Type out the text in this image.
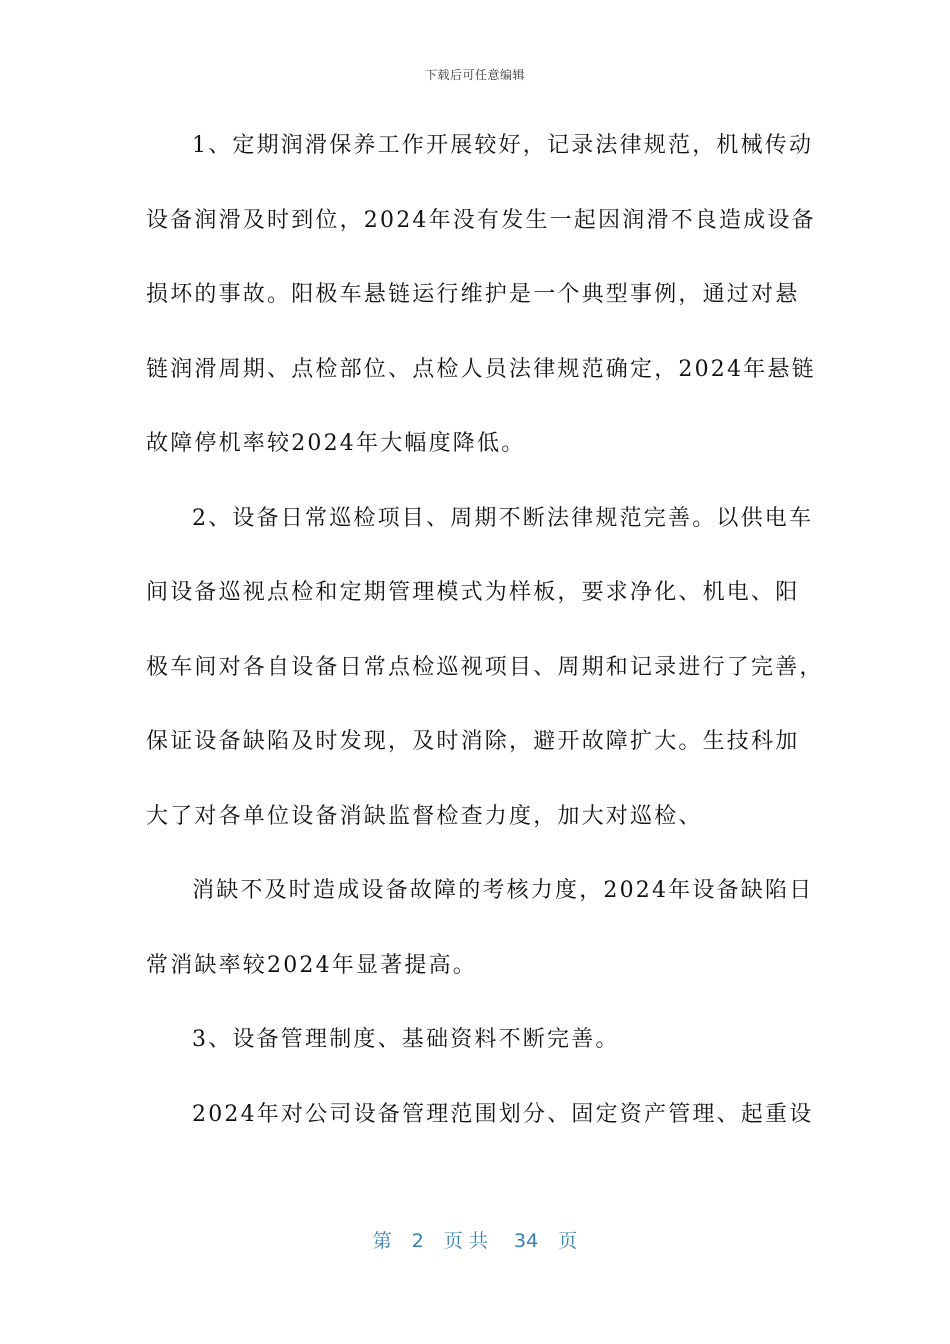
下载后可任意编辑
1、定期润滑保养工作开展较好，记录法律规范，机械传动
设备润滑及时到位，2024年没有发生一起因润滑不良造成设备
损坏的事故。阳极车悬链运行维护是一个典型事例，通过对悬
链润滑周期、点检部位、点检人员法律规范确定，2024年悬链
故障停机率较2024年大幅度降低。
2、设备日常巡检项目、周期不断法律规范完善。以供电车
间设备巡视点检和定期管理模式为样板，要求净化、机电、阳
极车间对各自设备日常点检巡视项目、周期和记录进行了完善，
保证设备缺陷及时发现，及时消除，避开故障扩大。生技科加
大了对各单位设备消缺监督检查力度，加大对巡检、
消缺不及时造成设备故障的考核力度，2024年设备缺陷日
常消缺率较2024年显著提高。
3、设备管理制度、基础资料不断完善。
2024年对公司设备管理范围划分、固定资产管理、起重设
第 2 页 共 34 页
